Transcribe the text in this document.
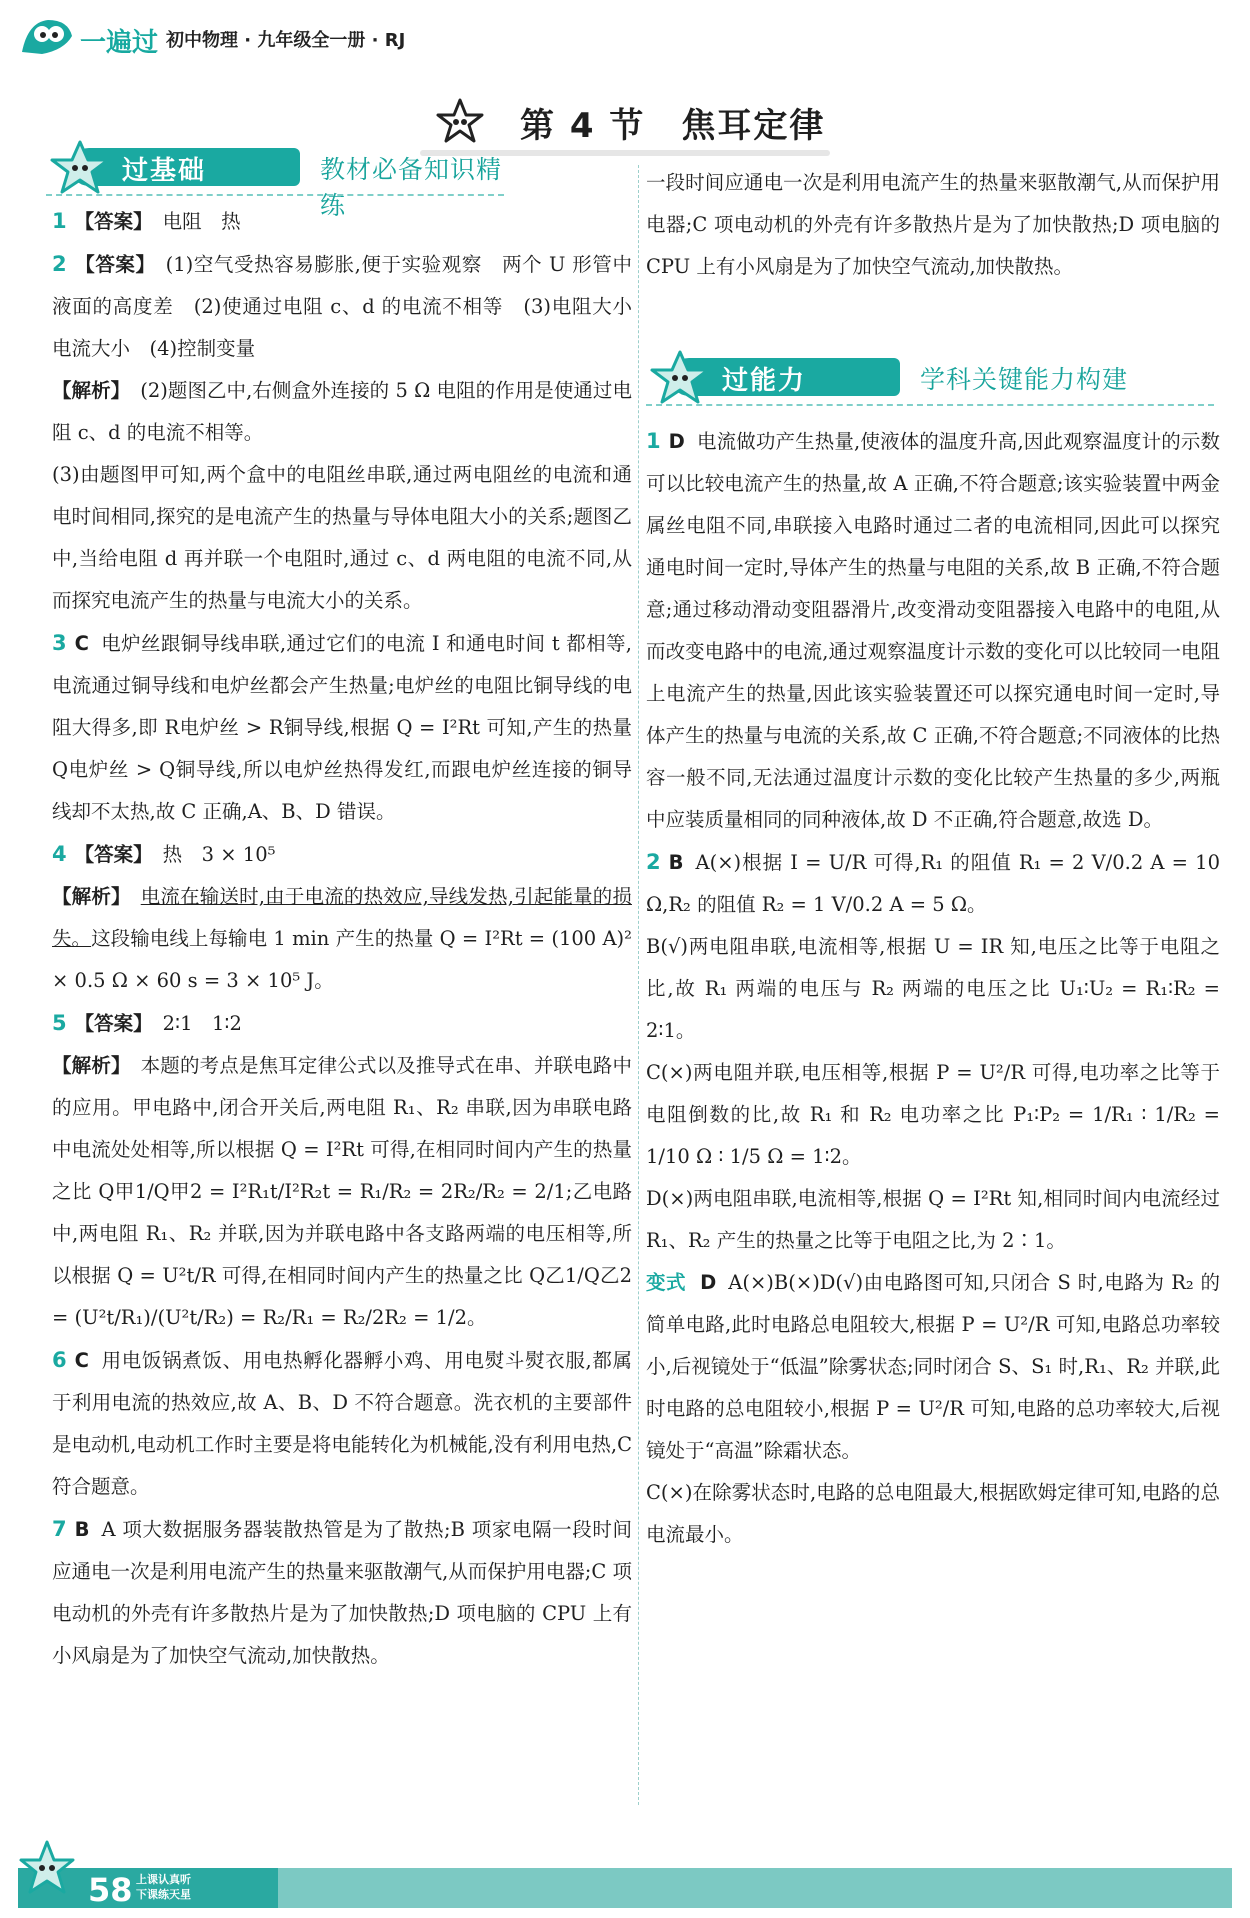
一遍过 初中物理 · 九年级全一册 · RJ
第 4 节　焦耳定律
过基础	教材必备知识精练

1 【答案】 电阻　热

2 【答案】 (1)空气受热容易膨胀,便于实验观察　两个 U 形管中液面的高度差　(2)使通过电阻 c、d 的电流不相等　(3)电阻大小　电流大小　(4)控制变量

【解析】 (2)题图乙中,右侧盒外连接的 5 Ω 电阻的作用是使通过电阻 c、d 的电流不相等。

(3)由题图甲可知,两个盒中的电阻丝串联,通过两电阻丝的电流和通电时间相同,探究的是电流产生的热量与导体电阻大小的关系;题图乙中,当给电阻 d 再并联一个电阻时,通过 c、d 两电阻的电流不同,从而探究电流产生的热量与电流大小的关系。

3 C 电炉丝跟铜导线串联,通过它们的电流 I 和通电时间 t 都相等,电流通过铜导线和电炉丝都会产生热量;电炉丝的电阻比铜导线的电阻大得多,即 R电炉丝 > R铜导线,根据 Q = I²Rt 可知,产生的热量 Q电炉丝 > Q铜导线,所以电炉丝热得发红,而跟电炉丝连接的铜导线却不太热,故 C 正确,A、B、D 错误。

4 【答案】 热　3 × 10⁵

【解析】 电流在输送时,由于电流的热效应,导线发热,引起能量的损失。这段输电线上每输电 1 min 产生的热量 Q = I²Rt = (100 A)² × 0.5 Ω × 60 s = 3 × 10⁵ J。

5 【答案】 2∶1　1∶2

【解析】 本题的考点是焦耳定律公式以及推导式在串、并联电路中的应用。甲电路中,闭合开关后,两电阻 R₁、R₂ 串联,因为串联电路中电流处处相等,所以根据 Q = I²Rt 可得,在相同时间内产生的热量之比 Q甲1/Q甲2 = I²R₁t/I²R₂t = R₁/R₂ = 2R₂/R₂ = 2/1;乙电路中,两电阻 R₁、R₂ 并联,因为并联电路中各支路两端的电压相等,所以根据 Q = U²t/R 可得,在相同时间内产生的热量之比 Q乙1/Q乙2 = (U²t/R₁)/(U²t/R₂) = R₂/R₁ = R₂/2R₂ = 1/2。

6 C 用电饭锅煮饭、用电热孵化器孵小鸡、用电熨斗熨衣服,都属于利用电流的热效应,故 A、B、D 不符合题意。洗衣机的主要部件是电动机,电动机工作时主要是将电能转化为机械能,没有利用电热,C 符合题意。

7 B A 项大数据服务器装散热管是为了散热;B 项家电隔一段时间应通电一次是利用电流产生的热量来驱散潮气,从而保护用电器;C 项电动机的外壳有许多散热片是为了加快散热;D 项电脑的 CPU 上有小风扇是为了加快空气流动,加快散热。

一段时间应通电一次是利用电流产生的热量来驱散潮气,从而保护用电器;C 项电动机的外壳有许多散热片是为了加快散热;D 项电脑的 CPU 上有小风扇是为了加快空气流动,加快散热。

过能力	学科关键能力构建

1 D 电流做功产生热量,使液体的温度升高,因此观察温度计的示数可以比较电流产生的热量,故 A 正确,不符合题意;该实验装置中两金属丝电阻不同,串联接入电路时通过二者的电流相同,因此可以探究通电时间一定时,导体产生的热量与电阻的关系,故 B 正确,不符合题意;通过移动滑动变阻器滑片,改变滑动变阻器接入电路中的电阻,从而改变电路中的电流,通过观察温度计示数的变化可以比较同一电阻上电流产生的热量,因此该实验装置还可以探究通电时间一定时,导体产生的热量与电流的关系,故 C 正确,不符合题意;不同液体的比热容一般不同,无法通过温度计示数的变化比较产生热量的多少,两瓶中应装质量相同的同种液体,故 D 不正确,符合题意,故选 D。

2 B A(×)根据 I = U/R 可得,R₁ 的阻值 R₁ = 2 V/0.2 A = 10 Ω,R₂ 的阻值 R₂ = 1 V/0.2 A = 5 Ω。

B(√)两电阻串联,电流相等,根据 U = IR 知,电压之比等于电阻之比,故 R₁ 两端的电压与 R₂ 两端的电压之比 U₁∶U₂ = R₁∶R₂ = 2∶1。

C(×)两电阻并联,电压相等,根据 P = U²/R 可得,电功率之比等于电阻倒数的比,故 R₁ 和 R₂ 电功率之比 P₁∶P₂ = 1/R₁ ∶ 1/R₂ = 1/10 Ω ∶ 1/5 Ω = 1∶2。

D(×)两电阻串联,电流相等,根据 Q = I²Rt 知,相同时间内电流经过 R₁、R₂ 产生的热量之比等于电阻之比,为 2∶1。

变式 D A(×)B(×)D(√)由电路图可知,只闭合 S 时,电路为 R₂ 的简单电路,此时电路总电阻较大,根据 P = U²/R 可知,电路总功率较小,后视镜处于“低温”除雾状态;同时闭合 S、S₁ 时,R₁、R₂ 并联,此时电路的总电阻较小,根据 P = U²/R 可知,电路的总功率较大,后视镜处于“高温”除霜状态。

C(×)在除雾状态时,电路的总电阻最大,根据欧姆定律可知,电路的总电流最小。

58 上课认真听
下课练天星
